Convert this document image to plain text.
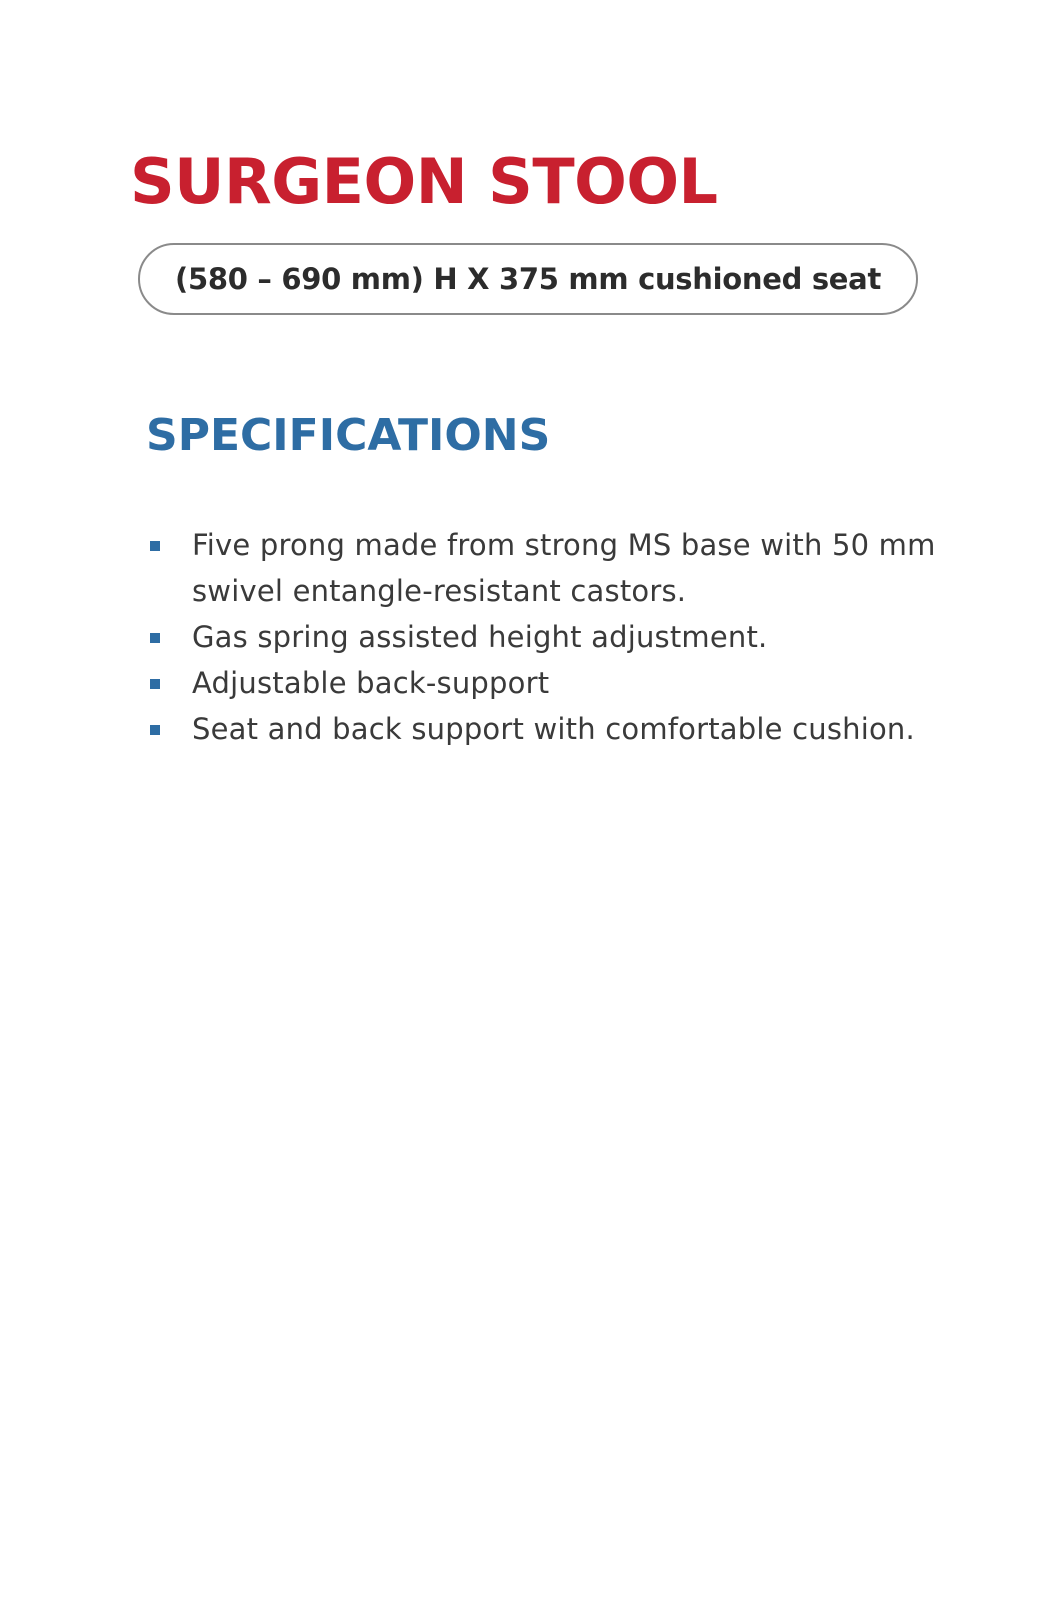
SURGEON STOOL
(580 – 690 mm) H X 375 mm cushioned seat
SPECIFICATIONS
Five prong made from strong MS base with 50 mm swivel entangle-resistant castors.
Gas spring assisted height adjustment.
Adjustable back-support
Seat and back support with comfortable cushion.
